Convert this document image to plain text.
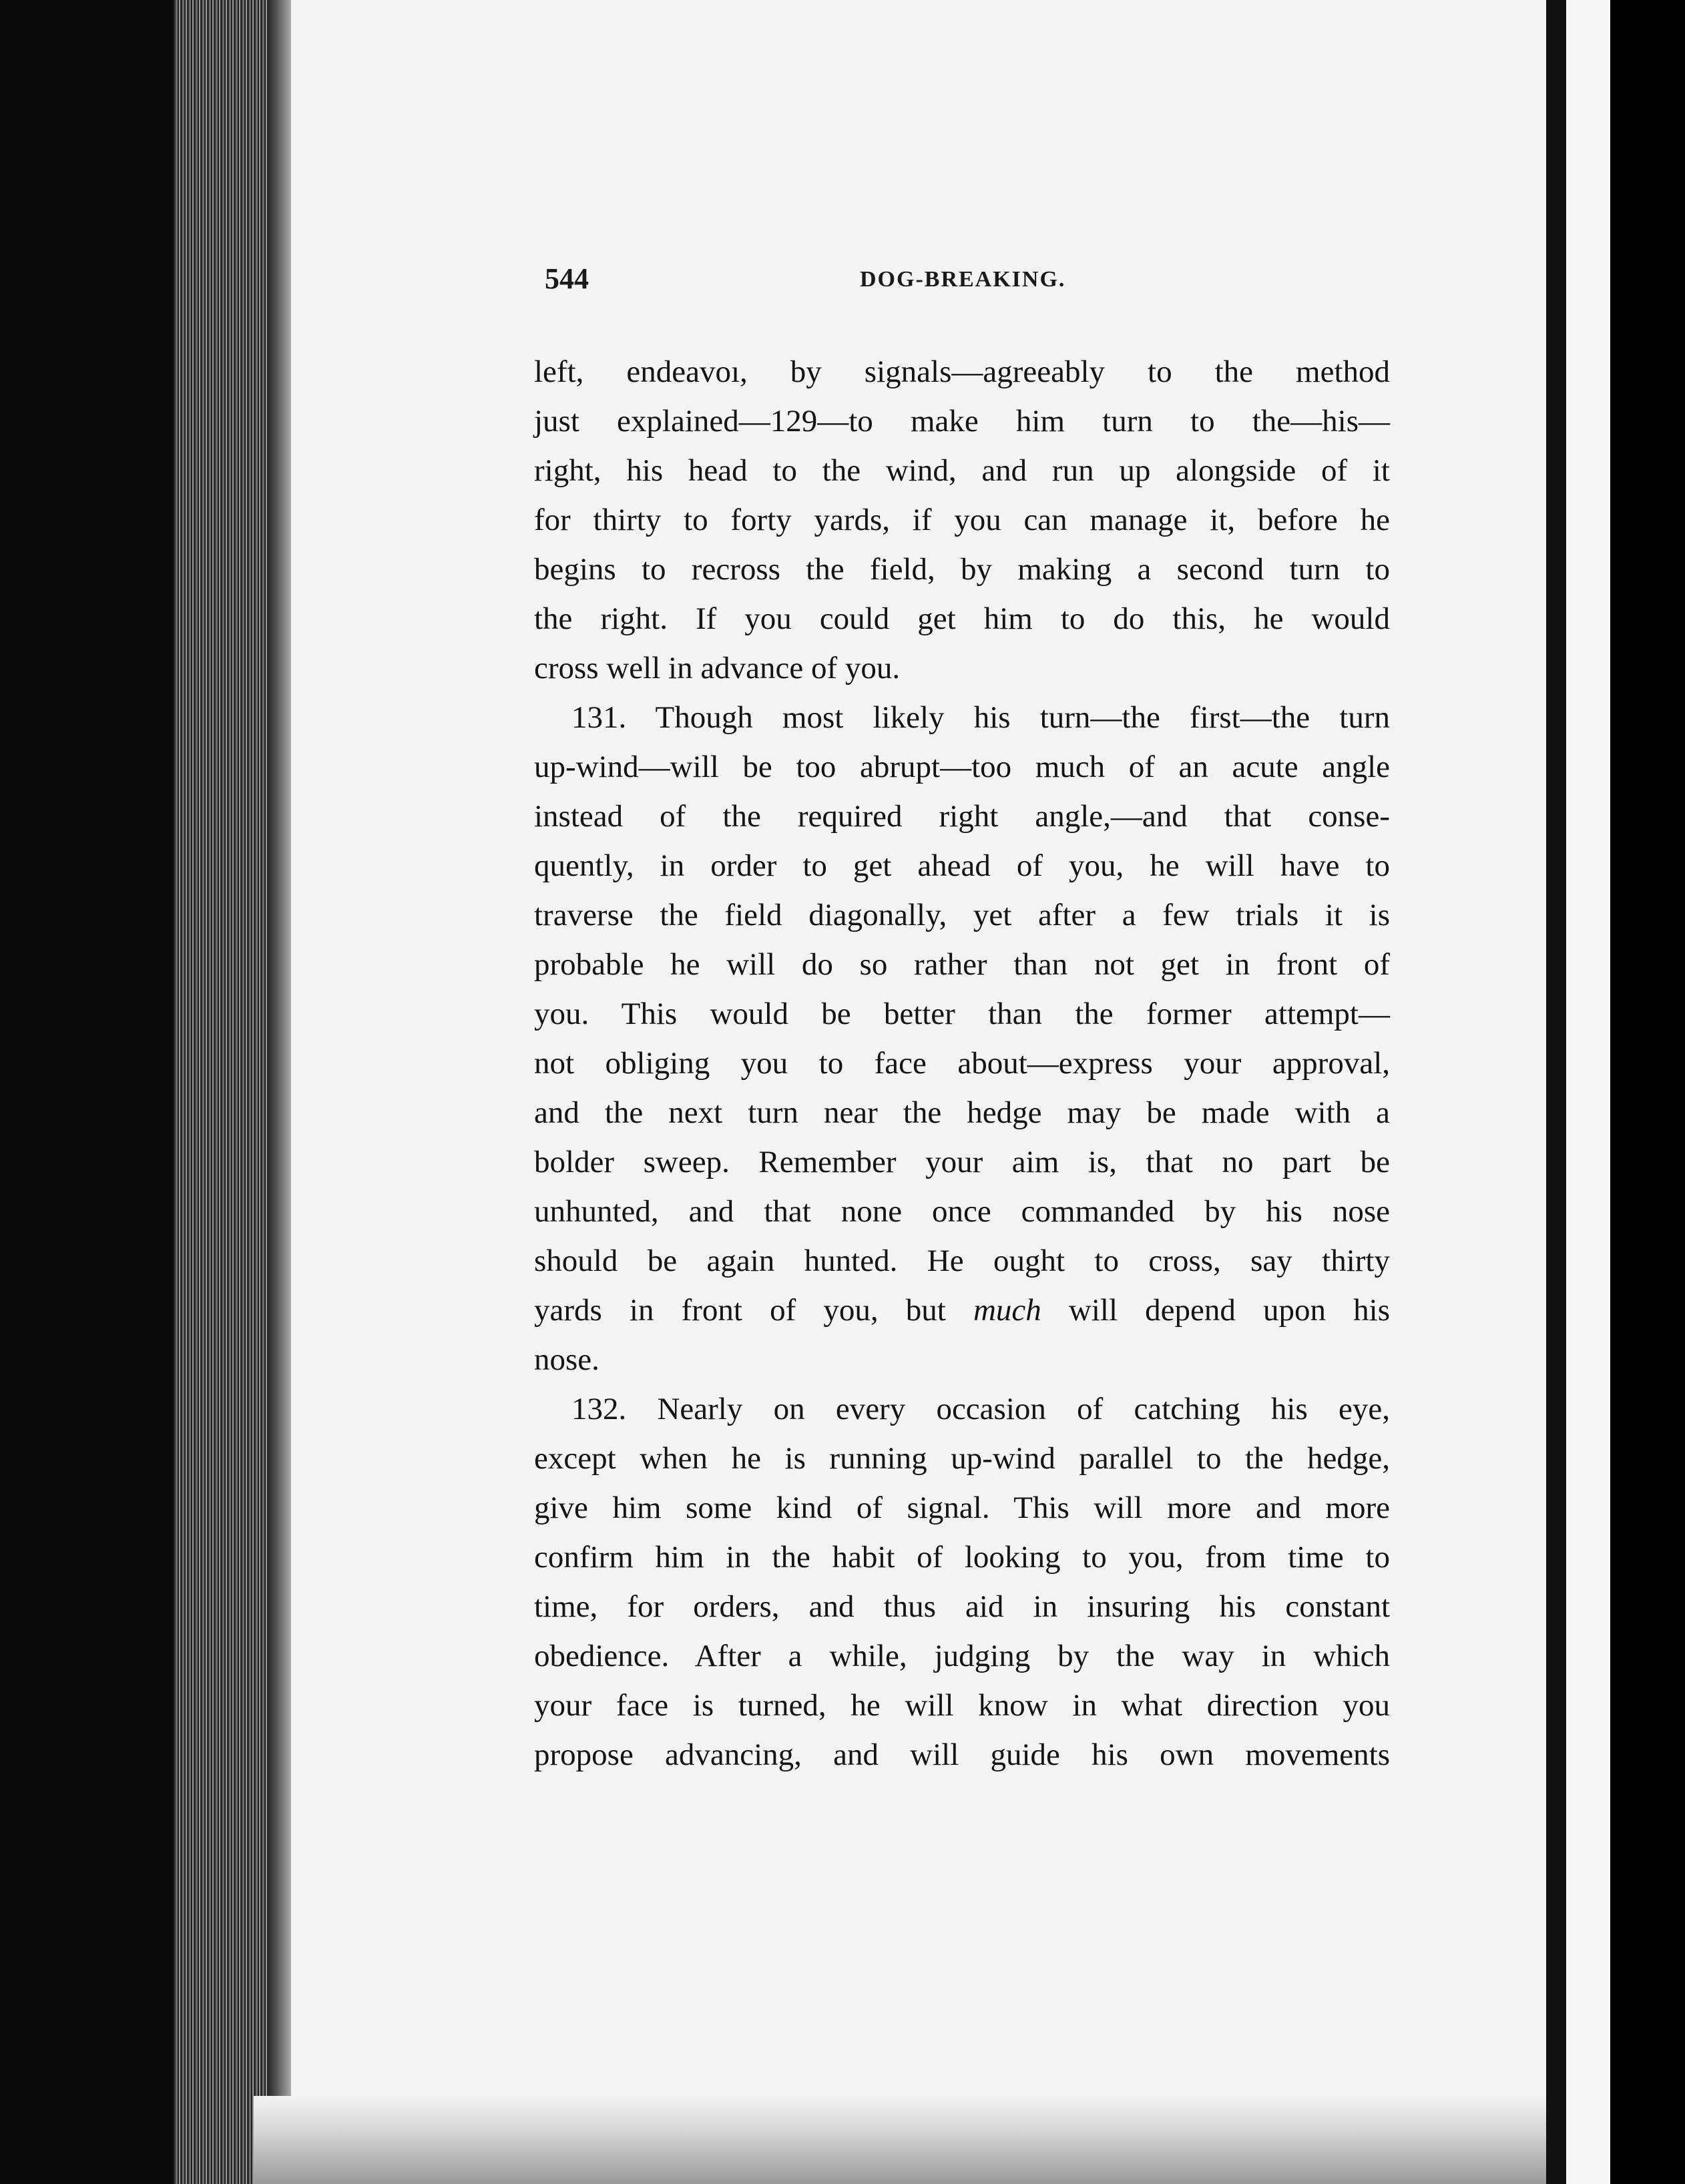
544	DOG-BREAKING.
left, endeavoı, by signals—agreeably to the method
just explained—129—to make him turn to the—his—
right, his head to the wind, and run up alongside of it
for thirty to forty yards, if you can manage it, before he
begins to recross the field, by making a second turn to
the right. If you could get him to do this, he would
cross well in advance of you.
131. Though most likely his turn—the first—the turn
up-wind—will be too abrupt—too much of an acute angle
instead of the required right angle,—and that conse-
quently, in order to get ahead of you, he will have to
traverse the field diagonally, yet after a few trials it is
probable he will do so rather than not get in front of
you. This would be better than the former attempt—
not obliging you to face about—express your approval,
and the next turn near the hedge may be made with a
bolder sweep. Remember your aim is, that no part be
unhunted, and that none once commanded by his nose
should be again hunted. He ought to cross, say thirty
yards in front of you, but much will depend upon his
nose.
132. Nearly on every occasion of catching his eye,
except when he is running up-wind parallel to the hedge,
give him some kind of signal. This will more and more
confirm him in the habit of looking to you, from time to
time, for orders, and thus aid in insuring his constant
obedience. After a while, judging by the way in which
your face is turned, he will know in what direction you
propose advancing, and will guide his own movements
